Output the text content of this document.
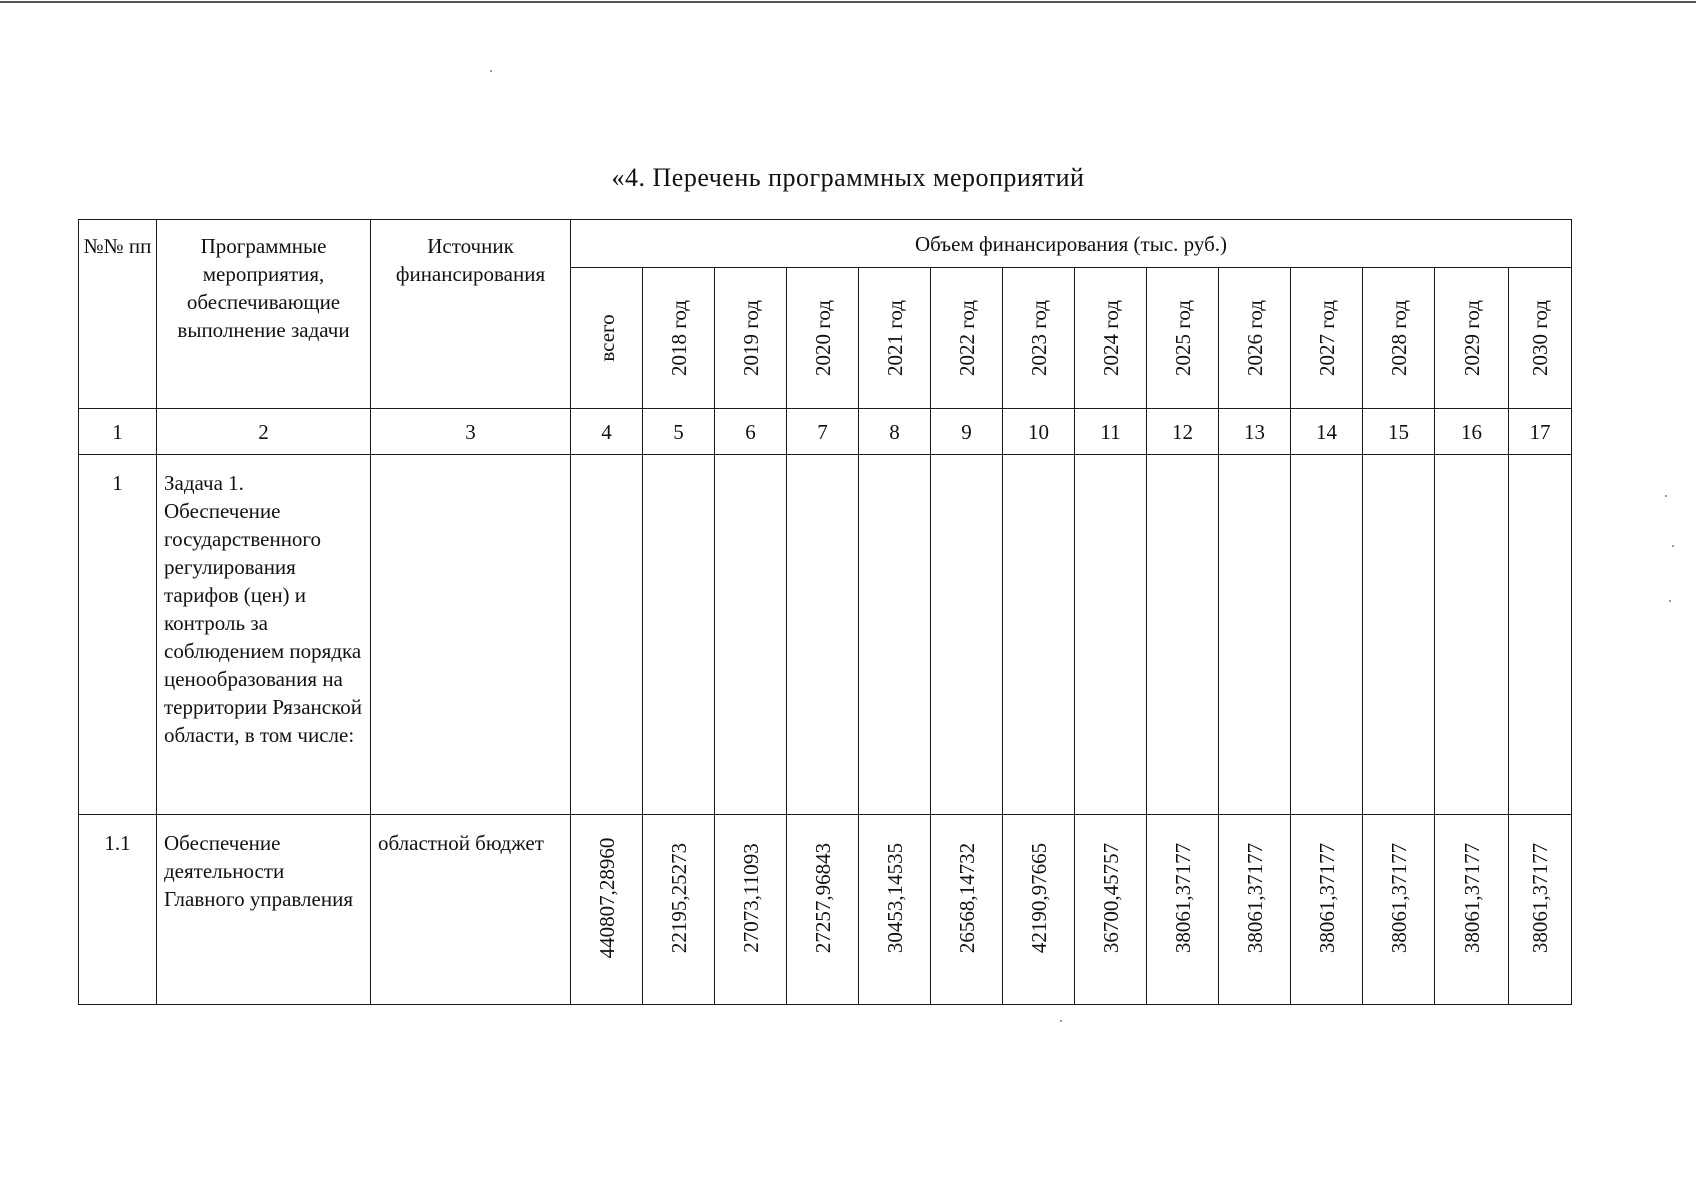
«4. Перечень программных мероприятий
№№ пп	Программные мероприятия, обеспечивающие выполнение задачи	Источник финансирования	Объем финансирования (тыс. руб.)													

			всего	2018 год	2019 год	2020 год	2021 год	2022 год	2023 год	2024 год	2025 год	2026 год	2027 год	2028 год	2029 год	2030 год

1	2	3	4	5	6	7	8	9	10	11	12	13	14	15	16	17
1	Задача 1. Обеспечение государственного регулирования тарифов (цен) и контроль за соблюдением порядка ценообразования на территории Рязанской области, в том числе:															
1.1	Обеспечение деятельности Главного управления	областной бюджет	440807,28960	22195,25273	27073,11093	27257,96843	30453,14535	26568,14732	42190,97665	36700,45757	38061,37177	38061,37177	38061,37177	38061,37177	38061,37177	38061,37177
